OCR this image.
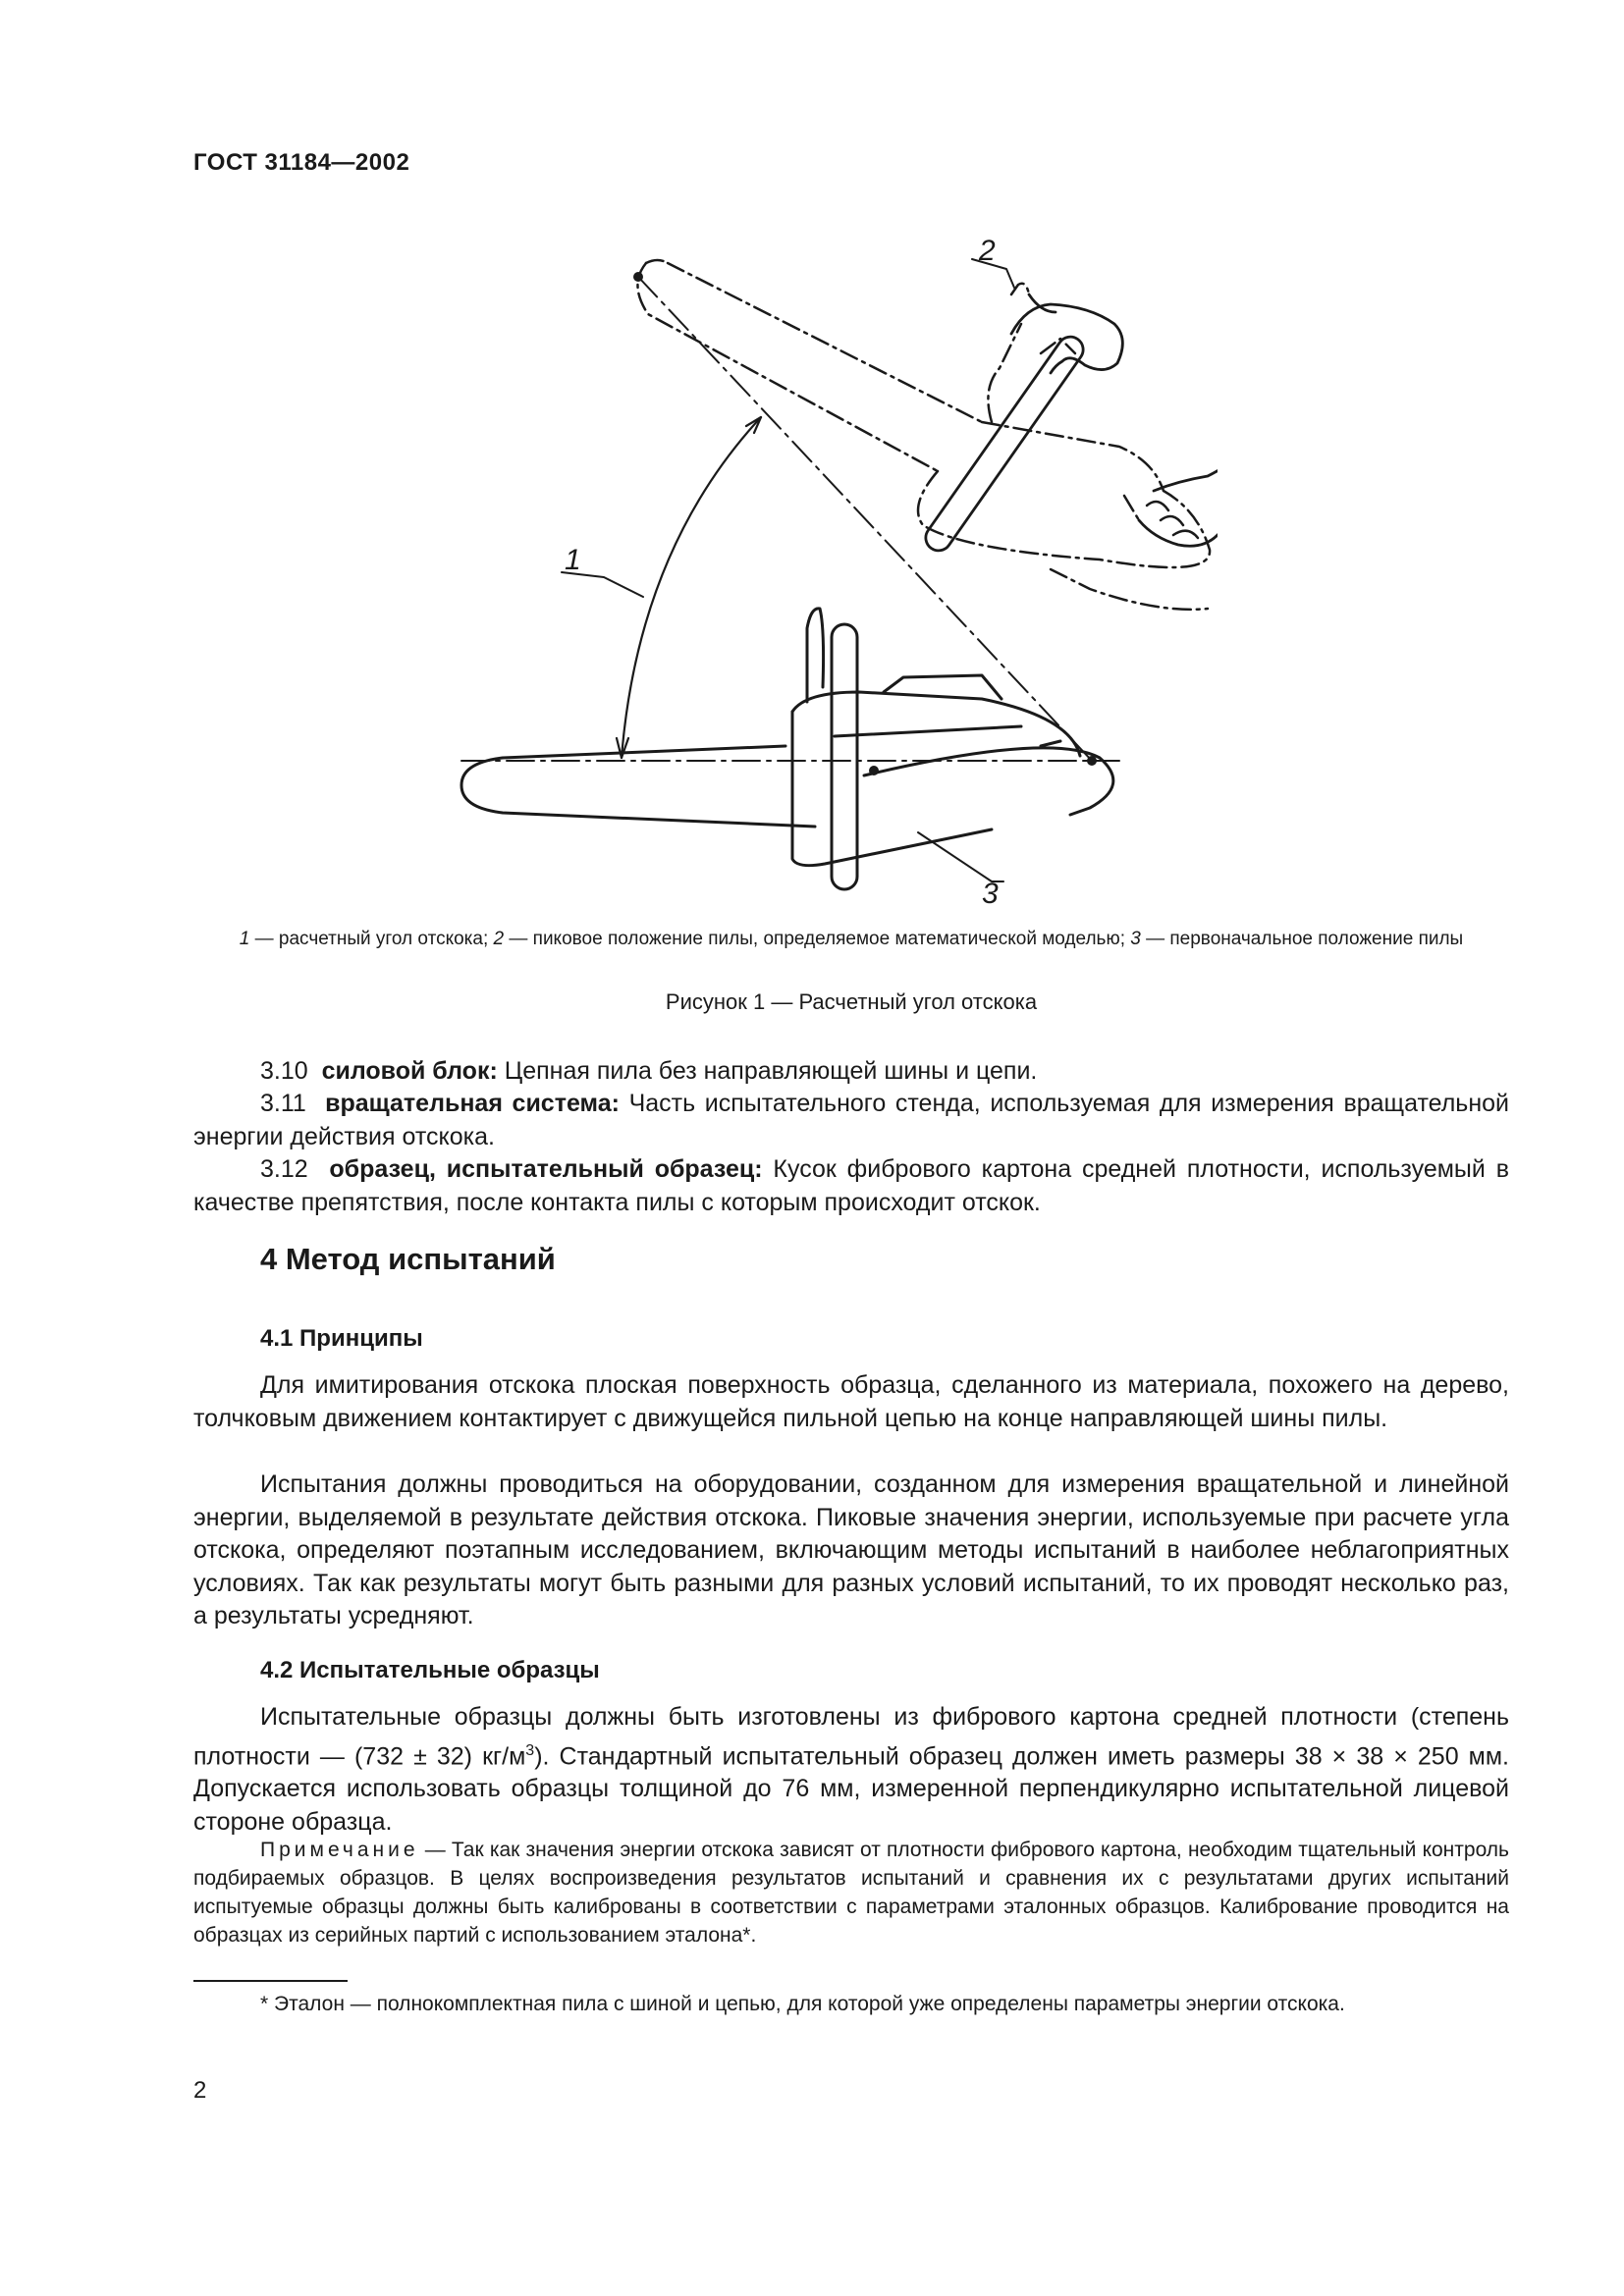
ГОСТ 31184—2002
1
2
3
1 — расчетный угол отскока; 2 — пиковое положение пилы, определяемое математической моделью; 3 — первоначальное положение пилы
Рисунок 1 — Расчетный угол отскока
3.10 силовой блок: Цепная пила без направляющей шины и цепи.
3.11 вращательная система: Часть испытательного стенда, используемая для измерения вращательной энергии действия отскока.
3.12 образец, испытательный образец: Кусок фибрового картона средней плотности, используемый в качестве препятствия, после контакта пилы с которым происходит отскок.
4 Метод испытаний
4.1 Принципы
Для имитирования отскока плоская поверхность образца, сделанного из материала, похожего на дерево, толчковым движением контактирует с движущейся пильной цепью на конце направляющей шины пилы.
Испытания должны проводиться на оборудовании, созданном для измерения вращательной и линейной энергии, выделяемой в результате действия отскока. Пиковые значения энергии, используемые при расчете угла отскока, определяют поэтапным исследованием, включающим методы испытаний в наиболее неблагоприятных условиях. Так как результаты могут быть разными для разных условий испытаний, то их проводят несколько раз, а результаты усредняют.
4.2 Испытательные образцы
Испытательные образцы должны быть изготовлены из фибрового картона средней плотности (степень плотности — (732 ± 32) $кг/м^3$). Стандартный испытательный образец должен иметь размеры 38 × 38 × 250 мм. Допускается использовать образцы толщиной до 76 мм, измеренной перпендикулярно испытательной лицевой стороне образца.
Примечание — Так как значения энергии отскока зависят от плотности фибрового картона, необходим тщательный контроль подбираемых образцов. В целях воспроизведения результатов испытаний и сравнения их с результатами других испытаний испытуемые образцы должны быть калиброваны в соответствии с параметрами эталонных образцов. Калибрование проводится на образцах из серийных партий с использованием эталона*.
* Эталон — полнокомплектная пила с шиной и цепью, для которой уже определены параметры энергии отскока.
2
